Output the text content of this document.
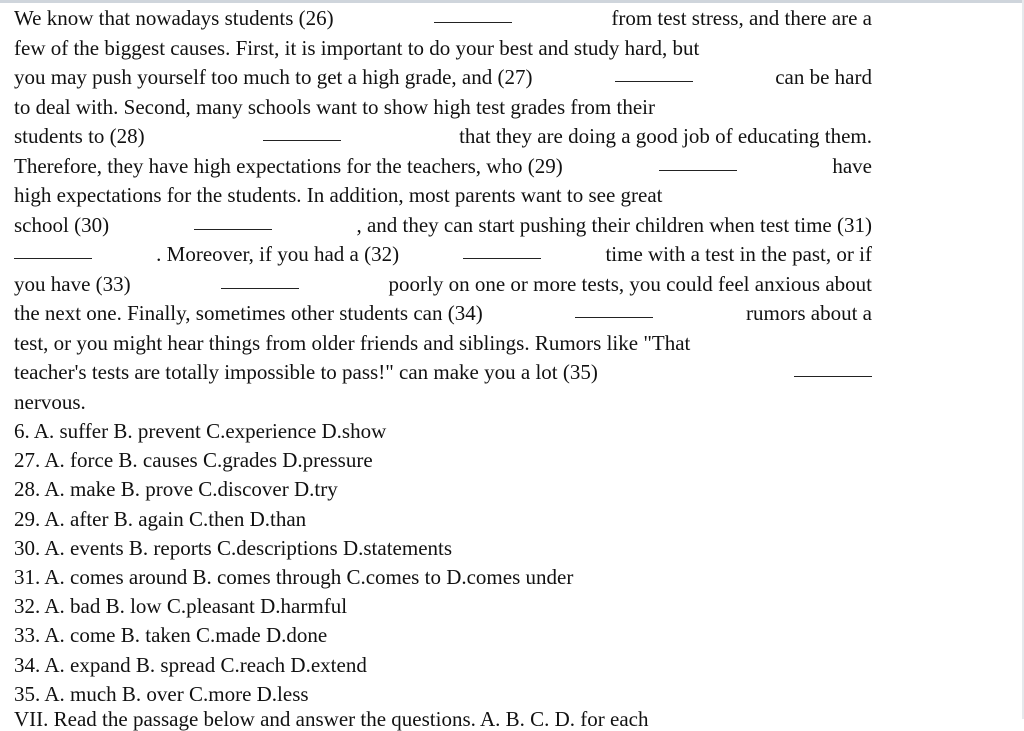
We know that nowadays students (26)	from test stress, and there are a
few of the biggest causes. First, it is important to do your best and study hard, but
you may push yourself too much to get a high grade, and (27)	can be hard
to deal with. Second, many schools want to show high test grades from their
students to (28)	that they are doing a good job of educating them.
Therefore, they have high expectations for the teachers, who (29)	have
high expectations for the students. In addition, most parents want to see great
school (30)	, and they can start pushing their children when test time (31)
. Moreover, if you had a (32)	time with a test in the past, or if
you have (33)	poorly on one or more tests, you could feel anxious about
the next one. Finally, sometimes other students can (34)	rumors about a
test, or you might hear things from older friends and siblings. Rumors like "That
teacher's tests are totally impossible to pass!" can make you a lot (35)
nervous.
6. A. suffer B. prevent C.experience D.show
27. A. force B. causes C.grades D.pressure
28. A. make B. prove C.discover D.try
29. A. after B. again C.then D.than
30. A. events B. reports C.descriptions D.statements
31. A. comes around B. comes through C.comes to D.comes under
32. A. bad B. low C.pleasant D.harmful
33. A. come B. taken C.made D.done
34. A. expand B. spread C.reach D.extend
35. A. much B. over C.more D.less
VII. Read the passage below and answer the questions. A. B. C. D. for each
